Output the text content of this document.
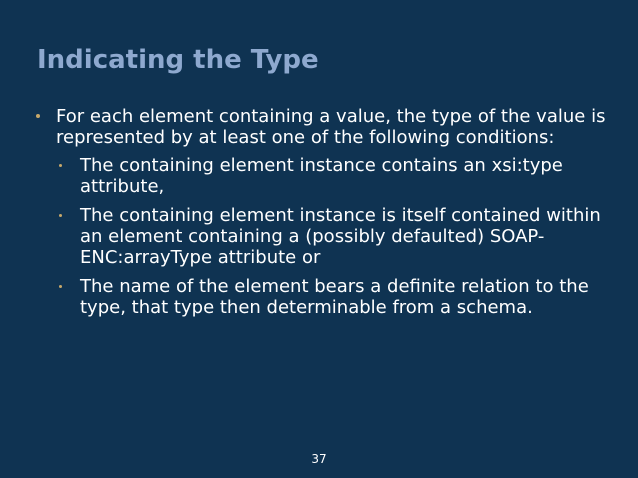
Indicating the Type
For each element containing a value, the type of the value is represented by at least one of the following conditions:
The containing element instance contains an xsi:type attribute,
The containing element instance is itself contained within an element containing a (possibly defaulted) SOAP-ENC:arrayType attribute or
The name of the element bears a definite relation to the type, that type then determinable from a schema.
37
